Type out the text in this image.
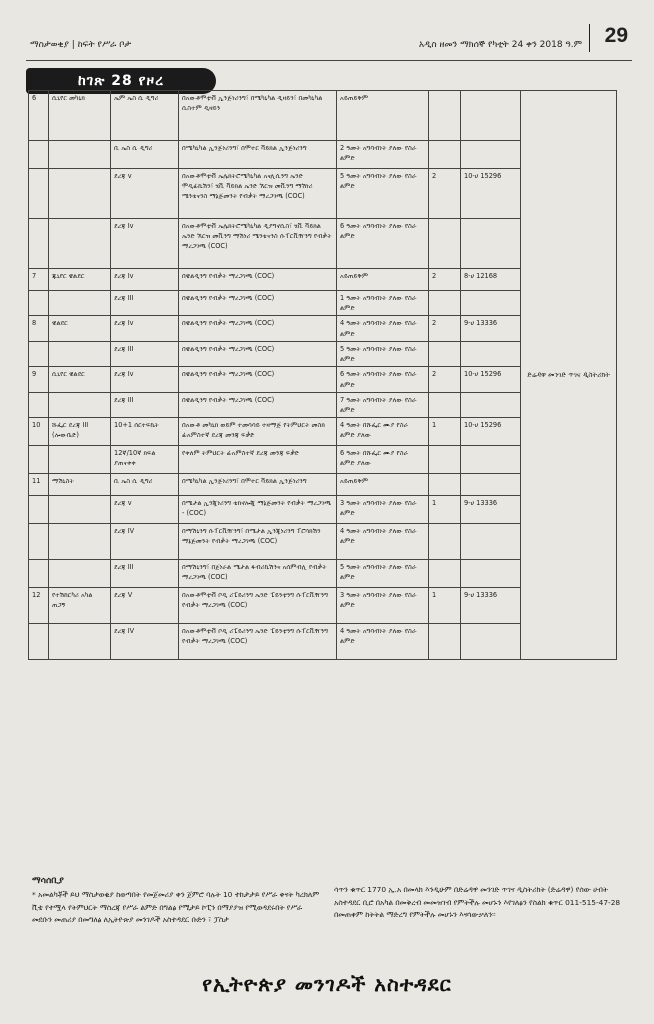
ማስታወቂያ | ከፍት የሥራ ቦታ	አዲስ ዘመን ማክሰኞ የካቲት 24 ቀን 2018 ዓ.ም 29
ከገጽ 28 የዞረ
6	ሲኒየር መካኒክ	ኤም ኤስ ሲ ዲግሪ	በአውቶሞቲቭ ኢንጅነሪንግ፣ በሜካኒካል ዲዛይን፣ በመካኒካል ሲስተም ዲዛይን	አይጠይቅም			ድሬዳዋ መንገድ ጥገና ዲስትሪክት
		ቢ ኤስ ሲ ዲግሪ	በሜካኒካል ኢንጅነሪንግ፣ በሞተር ቫይክል ኢንጅነሪንግ	2 ዓመት አግባብነት ያለው የስራ ልምድ			
		ደረጃ v	በአውቶሞቲቭ ኤሌክትሮሜካኒካል አናሊሲንግ ኤንድ ሞዲፊኬሽን፣ ሄቪ ቫይክል ኤንድ ኧርዝ መቪንግ ማሽነሪ ሜንቴናንስ ማኔጅመንት የብቃት ማረጋገጫ (COC)	5 ዓመት አግባብነት ያለው የስራ ልምድ	2	10-ሀ 15296	
		ደረጃ Iv	በአውቶሞቲቭ ኤሌክትሮሜካኒካል ዲያግኖሲስ፣ ሄቪ ቫይክል ኤንድ ኧርዝ መቪንግ ማሽነሪ ሜንቴናንስ ሱፐርቪዥንግ የብቃት ማረጋገጫ (COC)	6 ዓመት አግባብነት ያለው የስራ ልምድ			
7	ጁኒየር ዌልደር	ደረጃ Iv	በዌልዲንግ የብቃት ማረጋገጫ (COC)	አይጠይቅም	2	8-ሀ 12168	
		ደረጃ III	በዌልዲንግ የብቃት ማረጋገጫ (COC)	1 ዓመት አግባብነት ያለው የስራ ልምድ			
8	ዌልደር	ደረጃ Iv	በዌልዲንግ የብቃት ማረጋገጫ (COC)	4 ዓመት አግባብነት ያለው የስራ ልምድ	2	9-ሀ 13336	
		ደረጃ III	በዌልዲንግ የብቃት ማረጋገጫ (COC)	5 ዓመት አግባብነት ያለው የስራ ልምድ			
9	ሲኒየር ዌልደር	ደረጃ Iv	በዌልዲንግ የብቃት ማረጋገጫ (COC)	6 ዓመት አግባብነት ያለው የስራ ልምድ	2	10-ሀ 15296	
		ደረጃ III	በዌልዲንግ የብቃት ማረጋገጫ (COC)	7 ዓመት አግባብነት ያለው የስራ ልምድ			
10	ሹፌር ደረጃ III (ሎውቤድ)	10+1 ሰርተፍኬት	በአውቶ መካኒክ ወይም ተመሳሳይ ተዛማጅ የትምህርት መስክ ፊአምስተኛ ደረጃ መንጃ ፍቃድ	4 ዓመት በሹፌር ሙያ የስራ ልምድ ያለው	1	10-ሀ 15296	
		12ኛ/10ኛ ክፍል ያጠናቀቀ	የቀለም ትምህርት ፊአምስተኛ ደረጃ መንጃ ፍቃድ	6 ዓመት በሹፌር ሙያ የስራ ልምድ ያለው			
11	ማሽኒስት	ቢ ኤስ ሲ ዲግሪ	በሜካኒካል ኢንጅነሪንግ፣ በሞተር ቫይክል ኢንጅነሪንግ	አይጠይቅም			
		ደረጃ v	በሜታል ኢንጂነሪንግ ቴክኖሎጂ ማኔጅመንት የብቃት ማረጋገጫ - (COC)	3 ዓመት አግባብነት ያለው የስራ ልምድ	1	9-ሀ 13336	
		ደረጃ IV	በማሽኒንግ ሱፐርቪዥንግ፣ በሜታል ኢንጂነሪንግ ፐሮሳክሽን ማኔጅመንት የብቃት ማረጋገጫ (COC)	4 ዓመት አግባብነት ያለው የስራ ልምድ			
		ደረጃ III	በማሽኒንግ፣ በጀነራል ሜታል ፋብሪኬሽንና አሰምብሊ የብቃት ማረጋገጫ (COC)	5 ዓመት አግባብነት ያለው የስራ ልምድ			
12	የተሽከርካሪ አካል ጠጋኝ	ደረጃ V	በአውቶሞቲቭ ቦዲ ሪፔይሪንግ ኤንድ ፔይንቲንግ ሱፐርቪዥንግ የብቃት ማረጋገጫ (COC)	3 ዓመት አግባብነት ያለው የስራ ልምድ	1	9-ሀ 13336	
		ደረጃ IV	በአውቶሞቲቭ ቦዲ ሪፔይሪንግ ኤንድ ፔይንቲንግ ሱፐርቪዥንግ የብቃት ማረጋገጫ (COC)	4 ዓመት አግባብነት ያለው የስራ ልምድ			
ማሳሰቢያ
* አመልካቾች ይህ ማስታወቂያ ከወጣበት የመጀመሪያ ቀን ጀምሮ ባሉት 10 ተከታታይ የሥራ ቀናት ካረክለም ቪቴ የተሟላ የትምህርት ማስረጃ የሥራ ልምድ በግልፅ የሚታይ ኮፒን በማያያዝ የሚወዳደሩበት የሥራ መደቡን መጠሪያ በመግለፅ ለኢትዮጵያ መንገዶች አስተዳደር ቡድን ፣ ፓስታ
ሳጥን ቁጥር 1770 ኢ.አ በመላክ እንዲሁም በድሬዳዋ መንገድ ጥገና ዲስትሪክት (ድሬዳዋ) የሰው ሀብት አስተዳደር ቢሮ በአካል በመቅረብ መመዝገብ የምትችሉ መሆኑን እየገለፅን የስልክ ቁጥር 011-515-47-28 በመጠቀም ከትትል ማድረግ የምትችሉ መሆኑን እናሳውቃለን፡፡
የኢትዮጵያ መንገዶች አስተዳደር
